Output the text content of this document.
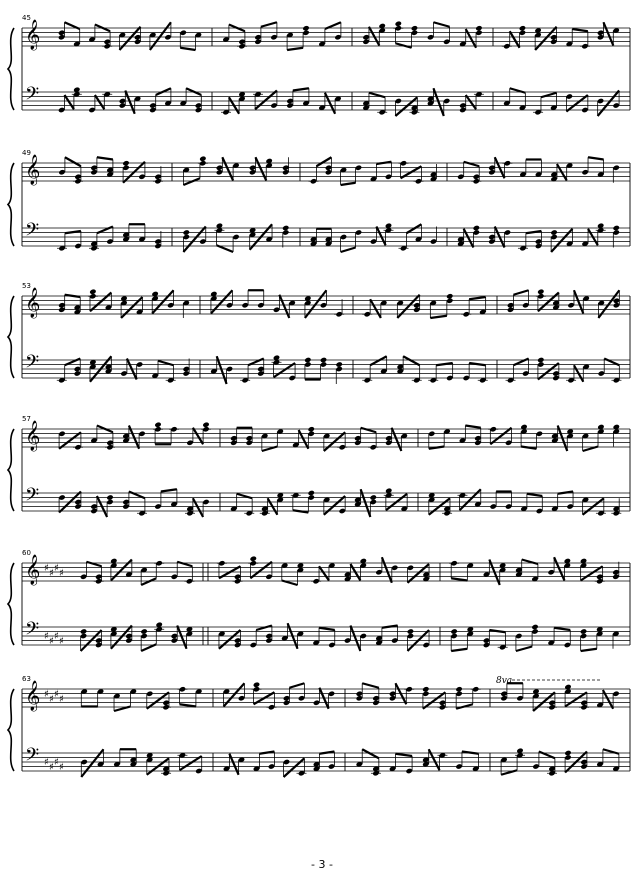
𝄞
𝄢
45
𝄞
𝄢
49
𝄞
𝄢
53
𝄞
𝄢
57
𝄞
𝄢
♯
♯
♯
♯
♯
♯
♯
♯
60
𝄞
𝄢
♯
♯
♯
♯
♯
♯
♯
♯
63	8va
- 3 -
